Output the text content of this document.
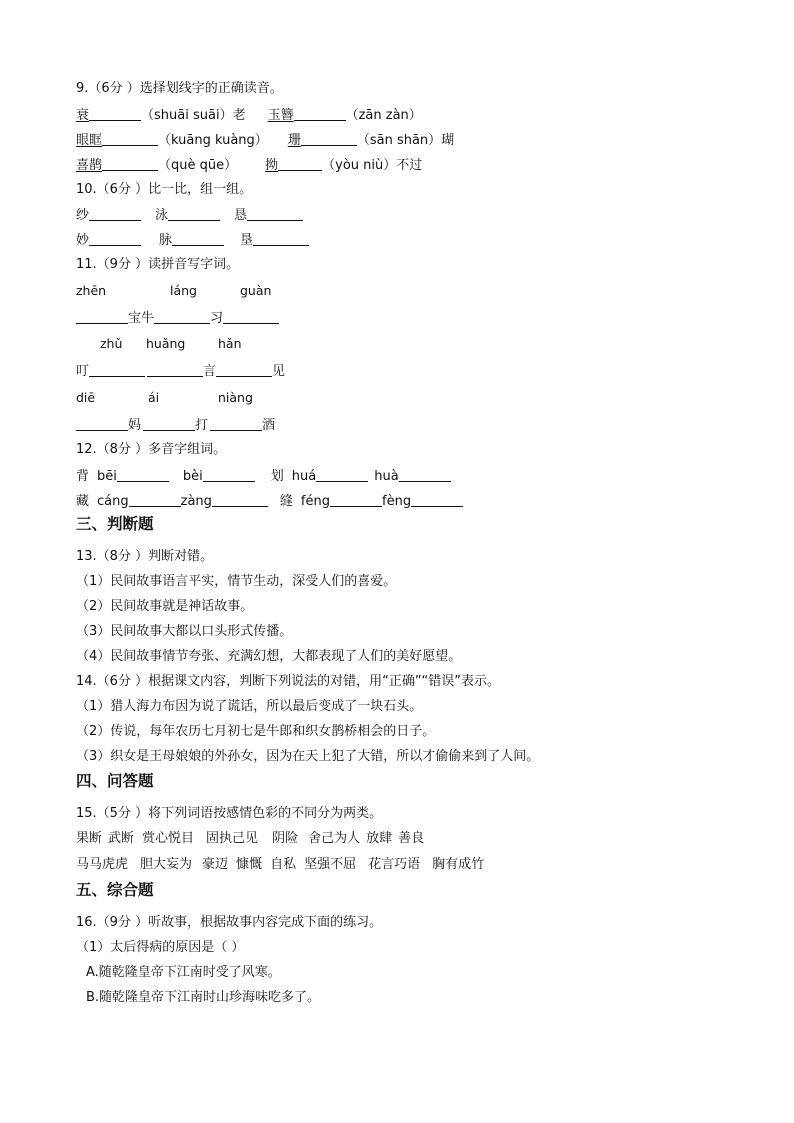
9.（6分 ）选择划线字的正确读音。
衰	（shuāi suāi）老 玉簪	（zān zàn）
眼眶	（kuāng kuàng） 珊	（sān shān）瑚
喜鹊	（què qūe） 拗	（yòu niù）不过
10.（6分 ）比一比，组一组。
纱	泳	恳
妙	脉	垦
11.（9分 ）读拼音写字词。
zhēn	láng	guàn
宝牛	习
zhǔ huǎng	hǎn
叮	言	见
diē	ái	niàng
妈	打	酒
12.（8分 ）多音字组词。
背 bēi	bèi	划 huá	huà
藏 cáng	zàng	缝 féng	fèng
三、判断题
13.（8分 ）判断对错。
（1）民间故事语言平实，情节生动，深受人们的喜爱。
（2）民间故事就是神话故事。
（3）民间故事大都以口头形式传播。
（4）民间故事情节夸张、充满幻想，大都表现了人们的美好愿望。
14.（6分 ）根据课文内容，判断下列说法的对错，用“正确”“错误”表示。
（1）猎人海力布因为说了谎话，所以最后变成了一块石头。
（2）传说，每年农历七月初七是牛郎和织女鹊桥相会的日子。
（3）织女是王母娘娘的外孙女，因为在天上犯了大错，所以才偷偷来到了人间。
四、问答题
15.（5分 ）将下列词语按感情色彩的不同分为两类。
果断 武断 赏心悦目 固执己见 阴险 舍己为人 放肆 善良
马马虎虎 胆大妄为 豪迈 慷慨 自私 坚强不屈 花言巧语 胸有成竹
五、综合题
16.（9分 ）听故事，根据故事内容完成下面的练习。
（1）太后得病的原因是（ ）
A.随乾隆皇帝下江南时受了风寒。
B.随乾隆皇帝下江南时山珍海味吃多了。
